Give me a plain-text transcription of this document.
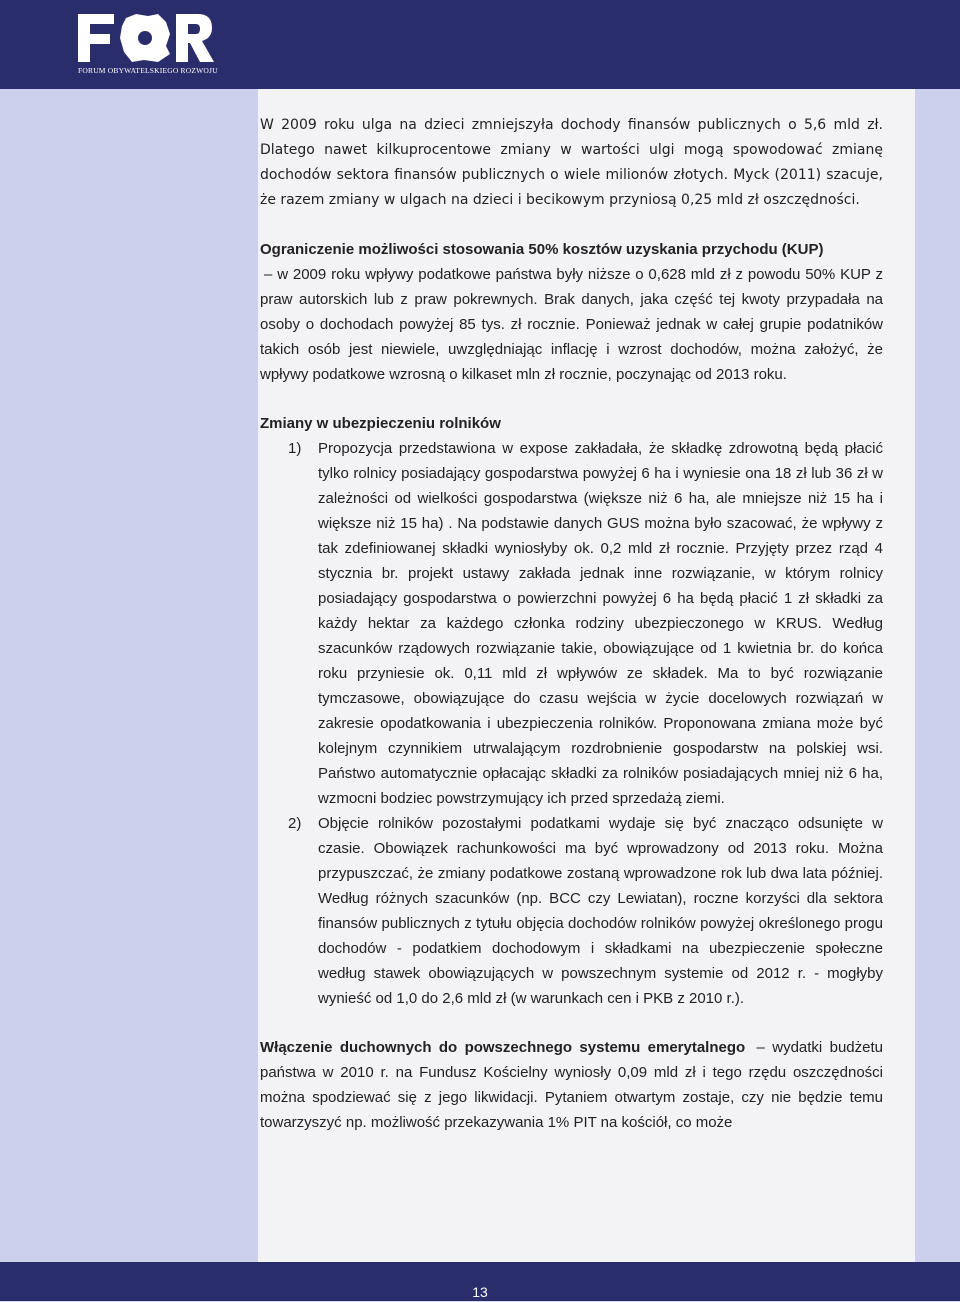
FORUM OBYWATELSKIEGO ROZWOJU

W 2009 roku ulga na dzieci zmniejszyła dochody finansów publicznych o 5,6 mld zł. Dlatego nawet kilkuprocentowe zmiany w wartości ulgi mogą spowodować zmianę dochodów sektora finansów publicznych o wiele milionów złotych. Myck (2011) szacuje, że razem zmiany w ulgach na dzieci i becikowym przyniosą 0,25 mld zł oszczędności.

Ograniczenie możliwości stosowania 50% kosztów uzyskania przychodu (KUP)
– w 2009 roku wpływy podatkowe państwa były niższe o 0,628 mld zł z powodu 50% KUP z praw autorskich lub z praw pokrewnych. Brak danych, jaka część tej kwoty przypadała na osoby o dochodach powyżej 85 tys. zł rocznie. Ponieważ jednak w całej grupie podatników takich osób jest niewiele, uwzględniając inflację i wzrost dochodów, można założyć, że wpływy podatkowe wzrosną o kilkaset mln zł rocznie, poczynając od 2013 roku.

Zmiany w ubezpieczeniu rolników

1) Propozycja przedstawiona w expose zakładała, że składkę zdrowotną będą płacić tylko rolnicy posiadający gospodarstwa powyżej 6 ha i wyniesie ona 18 zł lub 36 zł w zależności od wielkości gospodarstwa (większe niż 6 ha, ale mniejsze niż 15 ha i większe niż 15 ha) . Na podstawie danych GUS można było szacować, że wpływy z tak zdefiniowanej składki wyniosłyby ok. 0,2 mld zł rocznie. Przyjęty przez rząd 4 stycznia br. projekt ustawy zakłada jednak inne rozwiązanie, w którym rolnicy posiadający gospodarstwa o powierzchni powyżej 6 ha będą płacić 1 zł składki za każdy hektar za każdego członka rodziny ubezpieczonego w KRUS. Według szacunków rządowych rozwiązanie takie, obowiązujące od 1 kwietnia br. do końca roku przyniesie ok. 0,11 mld zł wpływów ze składek. Ma to być rozwiązanie tymczasowe, obowiązujące do czasu wejścia w życie docelowych rozwiązań w zakresie opodatkowania i ubezpieczenia rolników. Proponowana zmiana może być kolejnym czynnikiem utrwalającym rozdrobnienie gospodarstw na polskiej wsi. Państwo automatycznie opłacając składki za rolników posiadających mniej niż 6 ha, wzmocni bodziec powstrzymujący ich przed sprzedażą ziemi.
2) Objęcie rolników pozostałymi podatkami wydaje się być znacząco odsunięte w czasie. Obowiązek rachunkowości ma być wprowadzony od 2013 roku. Można przypuszczać, że zmiany podatkowe zostaną wprowadzone rok lub dwa lata później. Według różnych szacunków (np. BCC czy Lewiatan), roczne korzyści dla sektora finansów publicznych z tytułu objęcia dochodów rolników powyżej określonego progu dochodów - podatkiem dochodowym i składkami na ubezpieczenie społeczne według stawek obowiązujących w powszechnym systemie od 2012 r. - mogłyby wynieść od 1,0 do 2,6 mld zł (w warunkach cen i PKB z 2010 r.).

Włączenie duchownych do powszechnego systemu emerytalnego – wydatki budżetu państwa w 2010 r. na Fundusz Kościelny wyniosły 0,09 mld zł i tego rzędu oszczędności można spodziewać się z jego likwidacji. Pytaniem otwartym zostaje, czy nie będzie temu towarzyszyć np. możliwość przekazywania 1% PIT na kościół, co może

13
